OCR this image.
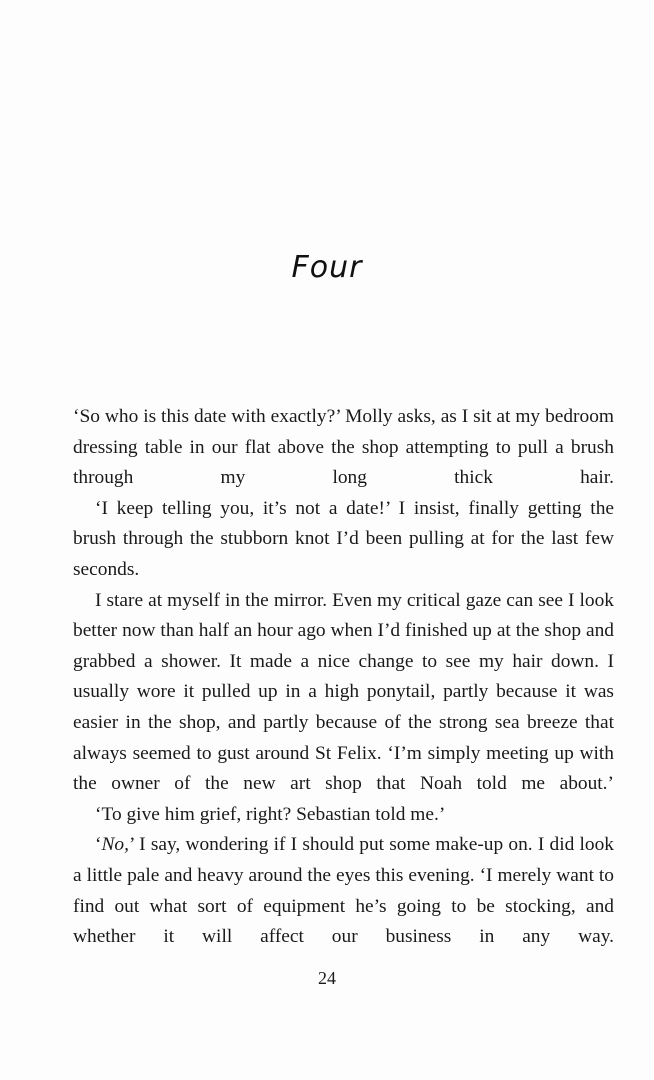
Four

‘So who is this date with exactly?’ Molly asks, as I sit at my bedroom dressing table in our flat above the shop attempting to pull a brush through my long thick hair.

‘I keep telling you, it’s not a date!’ I insist, finally getting the brush through the stubborn knot I’d been pulling at for the last few seconds.

I stare at myself in the mirror. Even my critical gaze can see I look better now than half an hour ago when I’d finished up at the shop and grabbed a shower. It made a nice change to see my hair down. I usually wore it pulled up in a high ponytail, partly because it was easier in the shop, and partly because of the strong sea breeze that always seemed to gust around St Felix. ‘I’m simply meeting up with the owner of the new art shop that Noah told me about.’

‘To give him grief, right? Sebastian told me.’

‘No,’ I say, wondering if I should put some make-up on. I did look a little pale and heavy around the eyes this evening. ‘I merely want to find out what sort of equipment he’s going to be stocking, and whether it will affect our business in any way.

24
